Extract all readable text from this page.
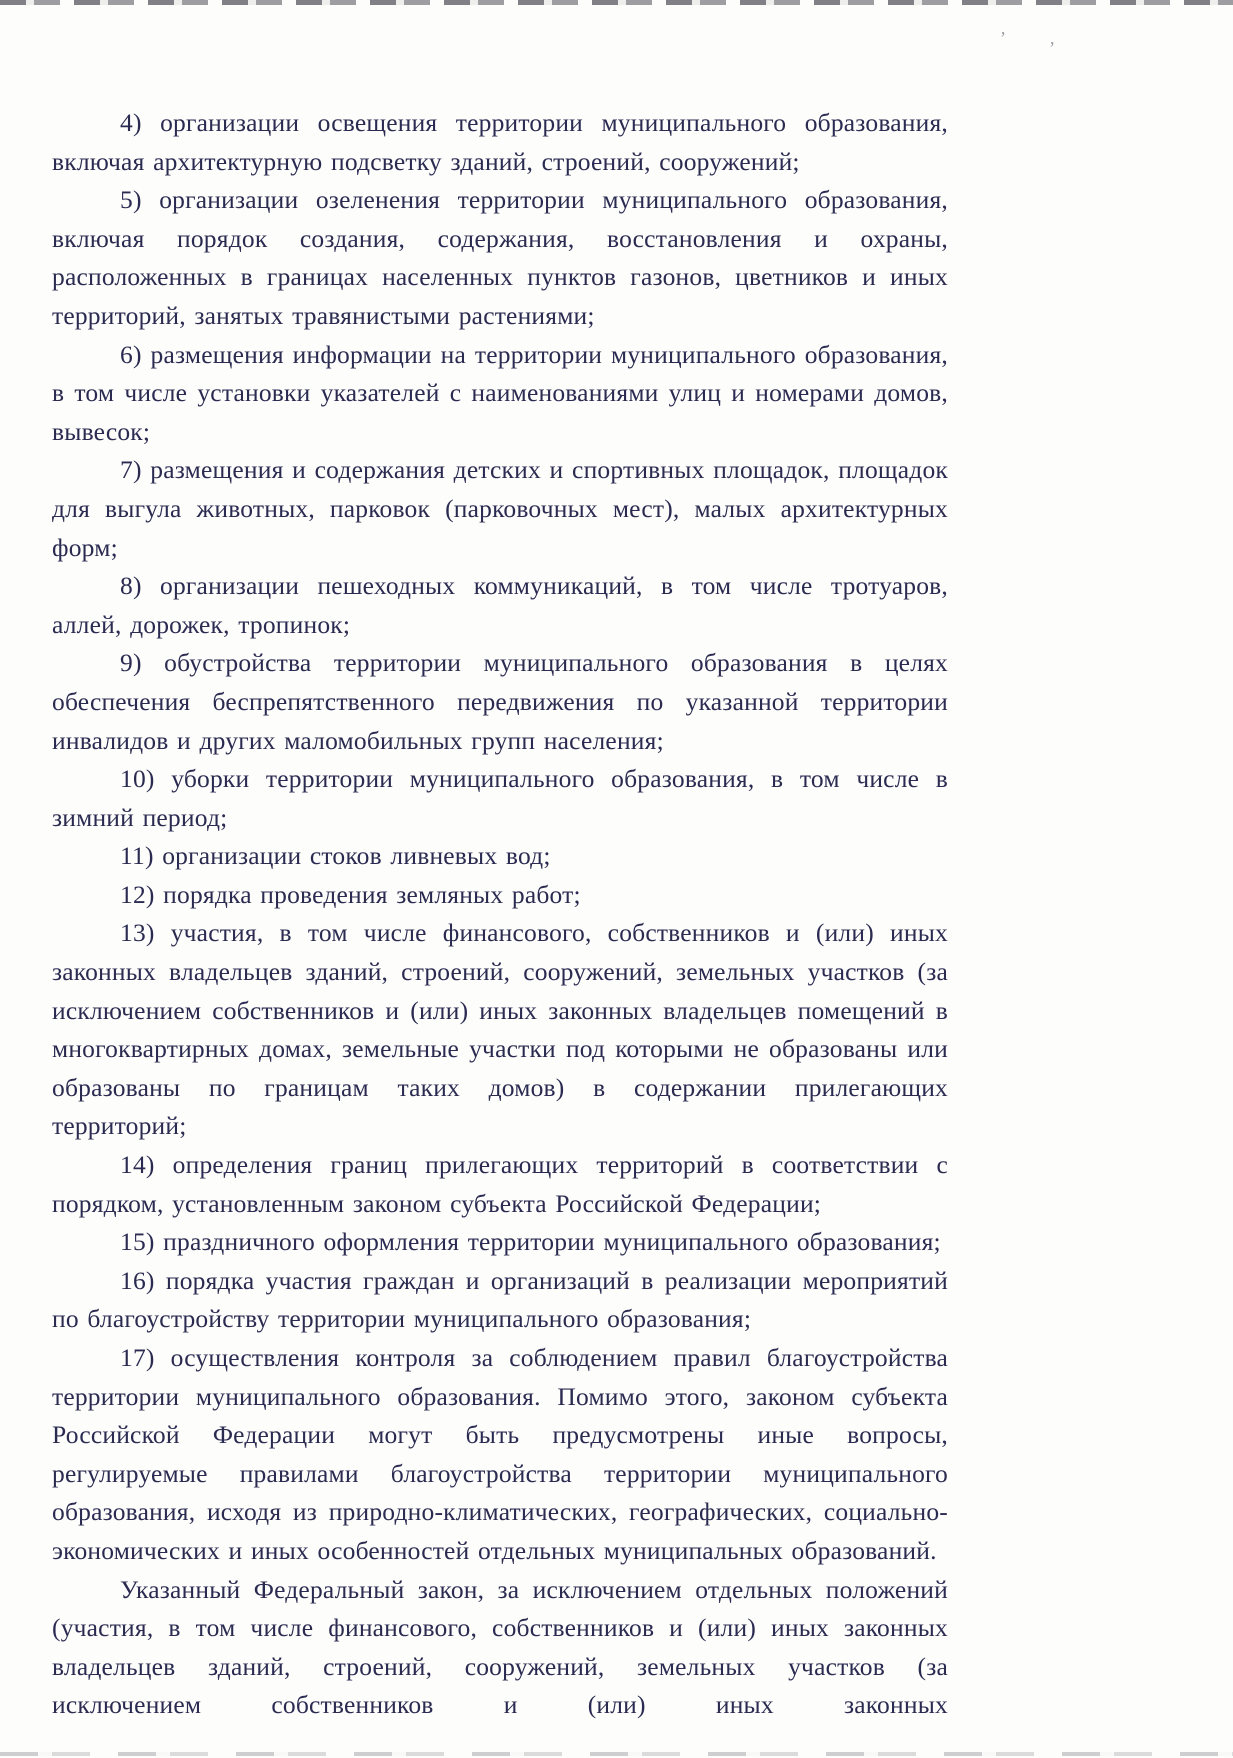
’ ,

4) организации освещения территории муниципального образования, включая архитектурную подсветку зданий, строений, сооружений;

5) организации озеленения территории муниципального образования, включая порядок создания, содержания, восстановления и охраны, расположенных в границах населенных пунктов газонов, цветников и иных территорий, занятых травянистыми растениями;

6) размещения информации на территории муниципального образования, в том числе установки указателей с наименованиями улиц и номерами домов, вывесок;

7) размещения и содержания детских и спортивных площадок, площадок для выгула животных, парковок (парковочных мест), малых архитектурных форм;

8) организации пешеходных коммуникаций, в том числе тротуаров, аллей, дорожек, тропинок;

9) обустройства территории муниципального образования в целях обеспечения беспрепятственного передвижения по указанной территории инвалидов и других маломобильных групп населения;

10) уборки территории муниципального образования, в том числе в зимний период;

11) организации стоков ливневых вод;

12) порядка проведения земляных работ;

13) участия, в том числе финансового, собственников и (или) иных законных владельцев зданий, строений, сооружений, земельных участков (за исключением собственников и (или) иных законных владельцев помещений в многоквартирных домах, земельные участки под которыми не образованы или образованы по границам таких домов) в содержании прилегающих территорий;

14) определения границ прилегающих территорий в соответствии с порядком, установленным законом субъекта Российской Федерации;

15) праздничного оформления территории муниципального образования;

16) порядка участия граждан и организаций в реализации мероприятий по благоустройству территории муниципального образования;

17) осуществления контроля за соблюдением правил благоустройства территории муниципального образования. Помимо этого, законом субъекта Российской Федерации могут быть предусмотрены иные вопросы, регулируемые правилами благоустройства территории муниципального образования, исходя из природно-климатических, географических, социально-экономических и иных особенностей отдельных муниципальных образований.

Указанный Федеральный закон, за исключением отдельных положений (участия, в том числе финансового, собственников и (или) иных законных владельцев зданий, строений, сооружений, земельных участков (за исключением собственников и (или) иных законных
